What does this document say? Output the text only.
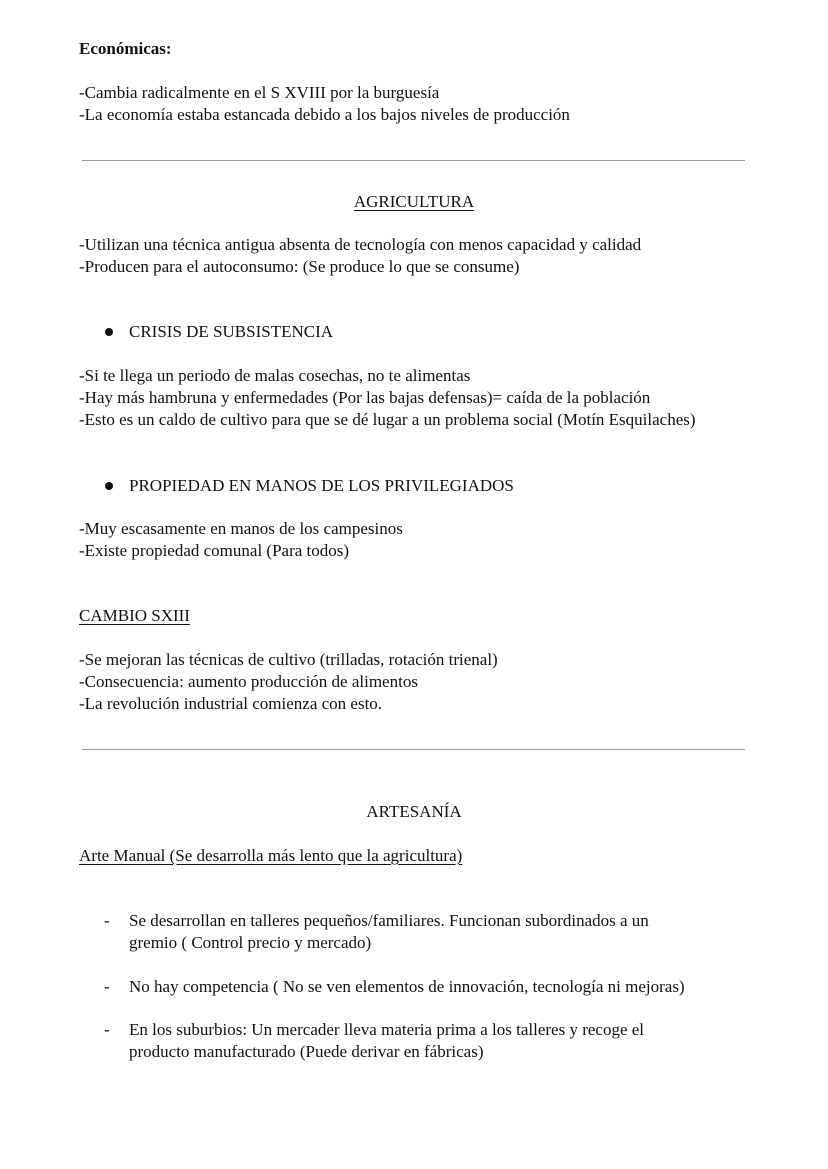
Económicas:
-Cambia radicalmente en el S XVIII por la burguesía
-La economía estaba estancada debido a los bajos niveles de producción
AGRICULTURA
-Utilizan una técnica antigua absenta de tecnología con menos capacidad y calidad
-Producen para el autoconsumo: (Se produce lo que se consume)
CRISIS DE SUBSISTENCIA
-Si te llega un periodo de malas cosechas, no te alimentas
-Hay más hambruna y enfermedades (Por las bajas defensas)= caída de la población
-Esto es un caldo de cultivo para que se dé lugar a un problema social (Motín Esquilaches)
PROPIEDAD EN MANOS DE LOS PRIVILEGIADOS
-Muy escasamente en manos de los campesinos
-Existe propiedad comunal (Para todos)
CAMBIO SXIII
-Se mejoran las técnicas de cultivo (trilladas, rotación trienal)
-Consecuencia: aumento producción de alimentos
-La revolución industrial comienza con esto.
ARTESANÍA
Arte Manual (Se desarrolla más lento que la agricultura)
- Se desarrollan en talleres pequeños/familiares. Funcionan subordinados a un
gremio ( Control precio y mercado)
- No hay competencia ( No se ven elementos de innovación, tecnología ni mejoras)
- En los suburbios: Un mercader lleva materia prima a los talleres y recoge el
producto manufacturado (Puede derivar en fábricas)
